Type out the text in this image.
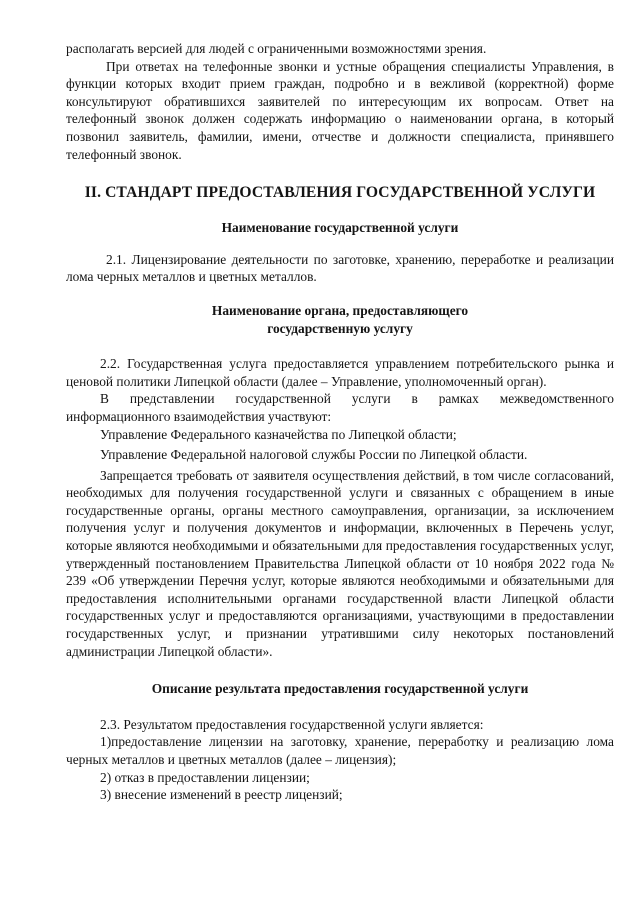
располагать версией для людей с ограниченными возможностями зрения.

При ответах на телефонные звонки и устные обращения специалисты Управления, в функции которых входит прием граждан, подробно и в вежливой (корректной) форме консультируют обратившихся заявителей по интересующим их вопросам. Ответ на телефонный звонок должен содержать информацию о наименовании органа, в который позвонил заявитель, фамилии, имени, отчестве и должности специалиста, принявшего телефонный звонок.

II. СТАНДАРТ ПРЕДОСТАВЛЕНИЯ ГОСУДАРСТВЕННОЙ УСЛУГИ
Наименование государственной услуги

2.1. Лицензирование деятельности по заготовке, хранению, переработке и реализации лома черных металлов и цветных металлов.

Наименование органа, предоставляющего
государственную услугу

2.2. Государственная услуга предоставляется управлением потребительского рынка и ценовой политики Липецкой области (далее – Управление, уполномоченный орган).

В представлении государственной услуги в рамках межведомственного информационного взаимодействия участвуют:

Управление Федерального казначейства по Липецкой области;

Управление Федеральной налоговой службы России по Липецкой области.

Запрещается требовать от заявителя осуществления действий, в том числе согласований, необходимых для получения государственной услуги и связанных с обращением в иные государственные органы, органы местного самоуправления, организации, за исключением получения услуг и получения документов и информации, включенных в Перечень услуг, которые являются необходимыми и обязательными для предоставления государственных услуг, утвержденный постановлением Правительства Липецкой области от 10 ноября 2022 года № 239 «Об утверждении Перечня услуг, которые являются необходимыми и обязательными для предоставления исполнительными органами государственной власти Липецкой области государственных услуг и предоставляются организациями, участвующими в предоставлении государственных услуг, и признании утратившими силу некоторых постановлений администрации Липецкой области».

Описание результата предоставления государственной услуги

2.3. Результатом предоставления государственной услуги является:

1)предоставление лицензии на заготовку, хранение, переработку и реализацию лома черных металлов и цветных металлов (далее – лицензия);

2) отказ в предоставлении лицензии;

3) внесение изменений в реестр лицензий;
